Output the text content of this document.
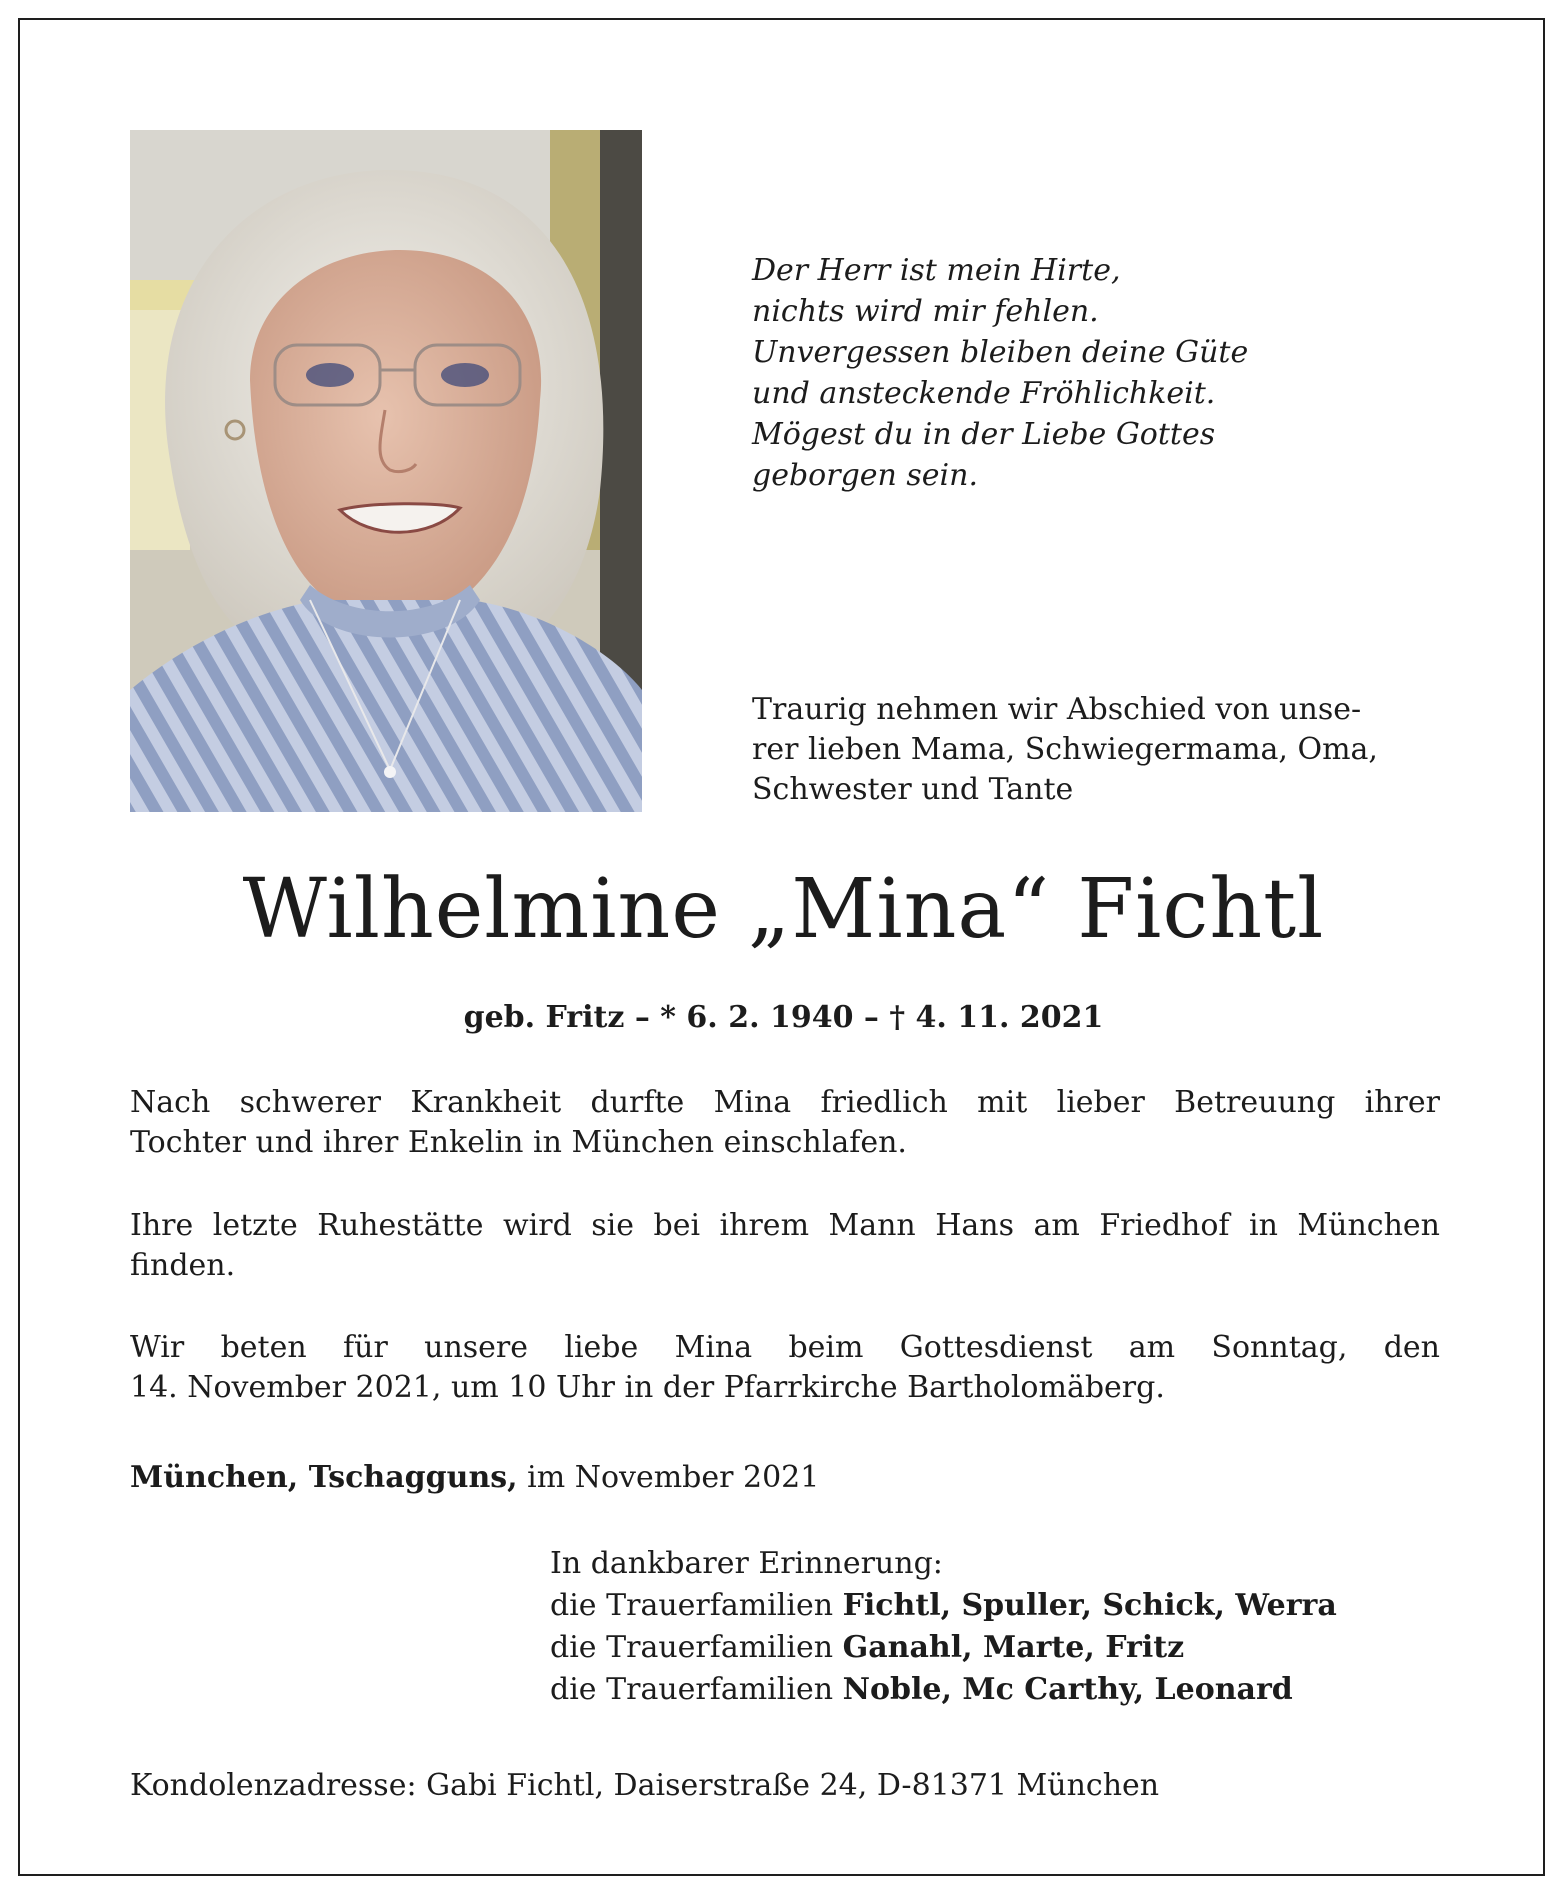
Der Herr ist mein Hirte,
nichts wird mir fehlen.
Unvergessen bleiben deine Güte
und ansteckende Fröhlichkeit.
Mögest du in der Liebe Gottes
geborgen sein.
Traurig nehmen wir Abschied von unse-
rer lieben Mama, Schwiegermama, Oma,
Schwester und Tante
Wilhelmine „Mina“ Fichtl
geb. Fritz – * 6. 2. 1940 – † 4. 11. 2021
Nach schwerer Krankheit durfte Mina friedlich mit lieber Betreuung ihrer
Tochter und ihrer Enkelin in München einschlafen.
Ihre letzte Ruhestätte wird sie bei ihrem Mann Hans am Friedhof in München
finden.
Wir beten für unsere liebe Mina beim Gottesdienst am Sonntag, den
14. November 2021, um 10 Uhr in der Pfarrkirche Bartholomäberg.
München, Tschagguns, im November 2021
In dankbarer Erinnerung:
die Trauerfamilien Fichtl, Spuller, Schick, Werra
die Trauerfamilien Ganahl, Marte, Fritz
die Trauerfamilien Noble, Mc Carthy, Leonard
Kondolenzadresse: Gabi Fichtl, Daiserstraße 24, D-81371 München
